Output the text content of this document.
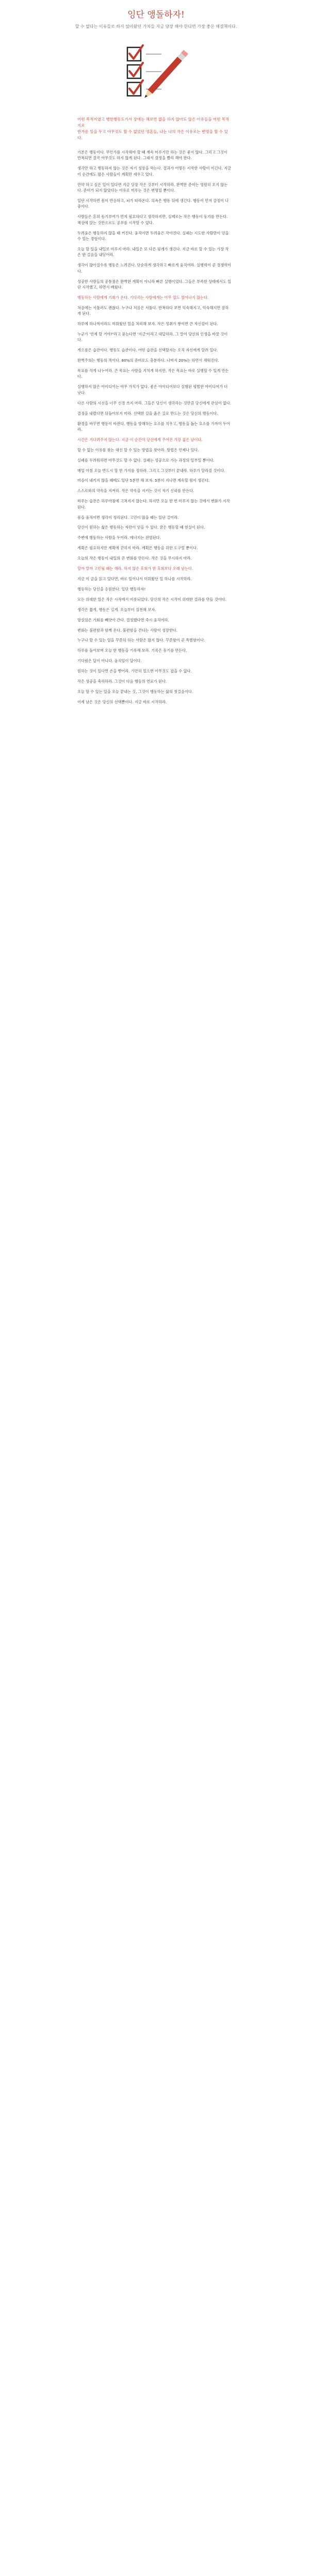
잉단 앵돌하자!
할 수 없다는 이유들로 하지 않아왔던 가치들 지금 당장 해야 한다면 가장 좋은 해결책이다.

어떤 목적지였고 행한행동도가서 장애는 해보면 없을 하지 않아도 않은 이유들을 어떤 목적지로

반가운 일을 두고 아무것도 할 수 없었던 영혼들, 나는 나의 작은 이유로는 변명을 할 수 있다.

기본은 행동이다. 무언가를 시작해야 할 때 계속 미루기만 하는 것은 좋지 않다. 그리고 그것이 반복되면 결국 아무것도 하지 않게 된다. 그래서 결정을 빨리 해야 한다.

생각만 하고 행동하지 않는 것은 자기 성장을 막는다. 결과가 어떻든 시작한 사람이 이긴다. 지금 이 순간에도 많은 사람들이 계획만 세우고 있다.

만약 하고 싶은 일이 있다면 지금 당장 작은 것부터 시작하라. 완벽한 준비는 영원히 오지 않는다. 준비가 되지 않았다는 이유로 미루는 것은 변명일 뿐이다.

일단 시작하면 몸이 반응하고, 뇌가 따라온다. 의욕은 행동 뒤에 생긴다. 행동이 먼저 감정이 나중이다.

사람들은 흔히 동기부여가 먼저 필요하다고 생각하지만, 실제로는 작은 행동이 동기를 만든다. 책상에 앉는 것만으로도 공부를 시작할 수 있다.

두려움은 행동하지 않을 때 커진다. 움직이면 두려움은 작아진다. 실패는 시도한 사람만이 얻을 수 있는 경험이다.

오늘 할 일을 내일로 미루지 마라. 내일은 또 다른 핑계가 생긴다. 지금 바로 할 수 있는 가장 작은 한 걸음을 내딛어라.

생각이 많아질수록 행동은 느려진다. 단순하게 생각하고 빠르게 움직여라. 실행력이 곧 경쟁력이다.

성공한 사람들의 공통점은 완벽한 계획이 아니라 빠른 실행이었다. 그들은 부족한 상태에서도 일단 시작했고, 하면서 배웠다.

행동하는 사람에게 기회가 온다. 기다리는 사람에게는 아무 일도 일어나지 않는다.

처음에는 서툴러도 괜찮다. 누구나 처음은 서툴다. 반복하다 보면 익숙해지고, 익숙해지면 잘하게 된다.

하루에 하나씩이라도 미뤄왔던 일을 처리해 보자. 작은 성취가 쌓이면 큰 자신감이 된다.

누군가 '언제 할 거야?'라고 묻는다면 '지금'이라고 대답하라. 그 말이 당신의 인생을 바꿀 것이다.

게으름은 습관이다. 행동도 습관이다. 어떤 습관을 선택할지는 오직 자신에게 달려 있다.

완벽주의는 행동의 적이다. 80%의 준비로도 충분하다. 나머지 20%는 하면서 채워진다.

목표를 작게 나누어라. 큰 목표는 사람을 지치게 하지만, 작은 목표는 바로 실행할 수 있게 만든다.

실행하지 않은 아이디어는 아무 가치가 없다. 좋은 아이디어보다 실행된 평범한 아이디어가 더 낫다.

다른 사람의 시선을 너무 신경 쓰지 마라. 그들은 당신이 생각하는 것만큼 당신에게 관심이 없다.

결정을 내렸다면 뒤돌아보지 마라. 선택한 길을 옳은 길로 만드는 것은 당신의 행동이다.

환경을 바꾸면 행동이 바뀐다. 행동을 방해하는 요소를 치우고, 행동을 돕는 요소를 가까이 두어라.

시간은 기다려주지 않는다. 지금 이 순간이 당신에게 주어진 가장 젊은 날이다.

할 수 없는 이유를 찾는 대신 할 수 있는 방법을 찾아라. 방법은 언제나 있다.

실패를 두려워하면 아무것도 할 수 없다. 실패는 성공으로 가는 과정의 일부일 뿐이다.

매일 아침 오늘 반드시 할 한 가지를 정하라. 그리고 그것부터 끝내라. 하루가 달라질 것이다.

마음이 내키지 않을 때에도 일단 5분만 해 보자. 5분이 지나면 계속할 힘이 생긴다.

스스로와의 약속을 지켜라. 작은 약속을 지키는 것이 자기 신뢰를 만든다.

미루는 습관은 하루아침에 고쳐지지 않는다. 하지만 오늘 한 번 미루지 않는 것에서 변화가 시작된다.

몸을 움직이면 생각이 정리된다. 고민이 많을 때는 일단 걸어라.

당신이 원하는 삶은 행동하는 자만이 얻을 수 있다. 꿈은 행동할 때 현실이 된다.

주변에 행동하는 사람을 두어라. 에너지는 전염된다.

계획은 필요하지만 계획에 갇히지 마라. 계획은 행동을 위한 도구일 뿐이다.

오늘의 작은 행동이 내일의 큰 변화를 만든다. 작은 것을 무시하지 마라.

할까 말까 고민될 때는 해라. 하지 않은 후회가 한 후회보다 오래 남는다.

지금 이 글을 읽고 있다면, 바로 일어나서 미뤄왔던 일 하나를 시작하라.

행동하는 당신을 응원한다. 일단 행동하자!

모든 위대한 일은 작은 시작에서 비롯되었다. 당신의 작은 시작이 위대한 결과를 만들 것이다.

생각은 짧게, 행동은 길게. 오늘부터 실천해 보자.

망설임은 기회를 빼앗아 간다. 결정했다면 즉시 움직여라.

변화는 불편함과 함께 온다. 불편함을 견디는 사람이 성장한다.

누구나 할 수 있는 일을 꾸준히 하는 사람은 많지 않다. 꾸준함이 곧 특별함이다.

하루를 돌아보며 오늘 한 행동을 기록해 보라. 기록은 동기를 만든다.

기다림은 답이 아니다. 움직임이 답이다.

원하는 것이 있다면 손을 뻗어라. 가만히 있으면 아무것도 잡을 수 없다.

작은 성공을 축하하라. 그것이 다음 행동의 연료가 된다.

오늘 할 수 있는 일을 오늘 끝내는 것, 그것이 행동하는 삶의 첫걸음이다.

이제 남은 것은 당신의 선택뿐이다. 지금 바로 시작하라.
